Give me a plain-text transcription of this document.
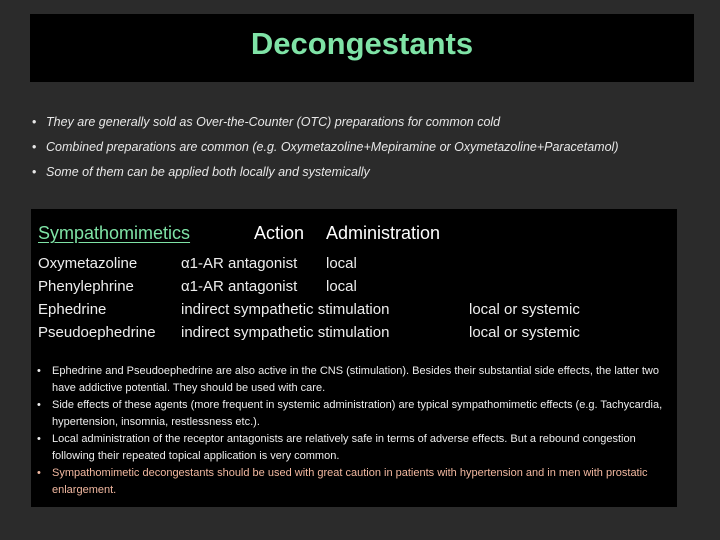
Decongestants
• They are generally sold as Over-the-Counter (OTC) preparations for common cold
• Combined preparations are common (e.g. Oxymetazoline+Mepiramine or Oxymetazoline+Paracetamol)
• Some of them can be applied both locally and systemically
Sympathomimetics	Action Administration
Oxymetazoline	α1-AR antagonist local
Phenylephrine	α1-AR antagonist local
Ephedrine	indirect sympathetic stimulation	local or systemic
Pseudoephedrine indirect sympathetic stimulation	local or systemic
• Ephedrine and Pseudoephedrine are also active in the CNS (stimulation). Besides their substantial side effects, the latter two have addictive potential. They should be used with care.
• Side effects of these agents (more frequent in systemic administration) are typical sympathomimetic effects (e.g. Tachycardia, hypertension, insomnia, restlessness etc.).
• Local administration of the receptor antagonists are relatively safe in terms of adverse effects. But a rebound congestion following their repeated topical application is very common.
• Sympathomimetic decongestants should be used with great caution in patients with hypertension and in men with prostatic enlargement.
